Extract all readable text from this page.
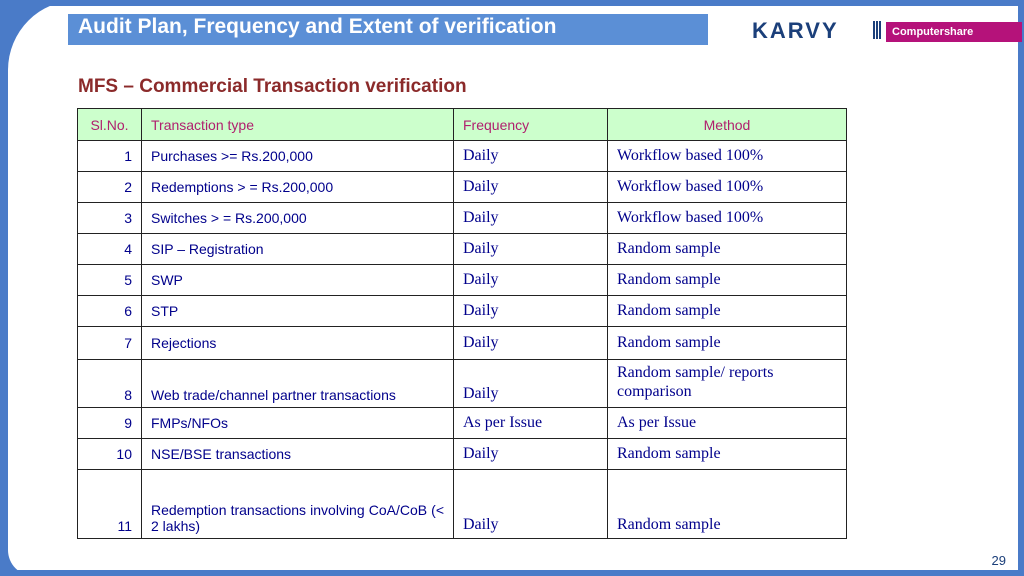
Audit Plan, Frequency and Extent of verification	KARVY	Computershare
MFS – Commercial Transaction verification
Sl.No.	Transaction type	Frequency	Method
1	Purchases >= Rs.200,000	Daily	Workflow based 100%
2	Redemptions > = Rs.200,000	Daily	Workflow based 100%
3	Switches > = Rs.200,000	Daily	Workflow based 100%
4	SIP – Registration	Daily	Random sample
5	SWP	Daily	Random sample
6	STP	Daily	Random sample
7	Rejections	Daily	Random sample
8	Web trade/channel partner transactions	Daily	Random sample/ reports comparison
9	FMPs/NFOs	As per Issue	As per Issue
10	NSE/BSE transactions	Daily	Random sample
11	Redemption transactions involving CoA/CoB (< 2 lakhs)	Daily	Random sample
29
